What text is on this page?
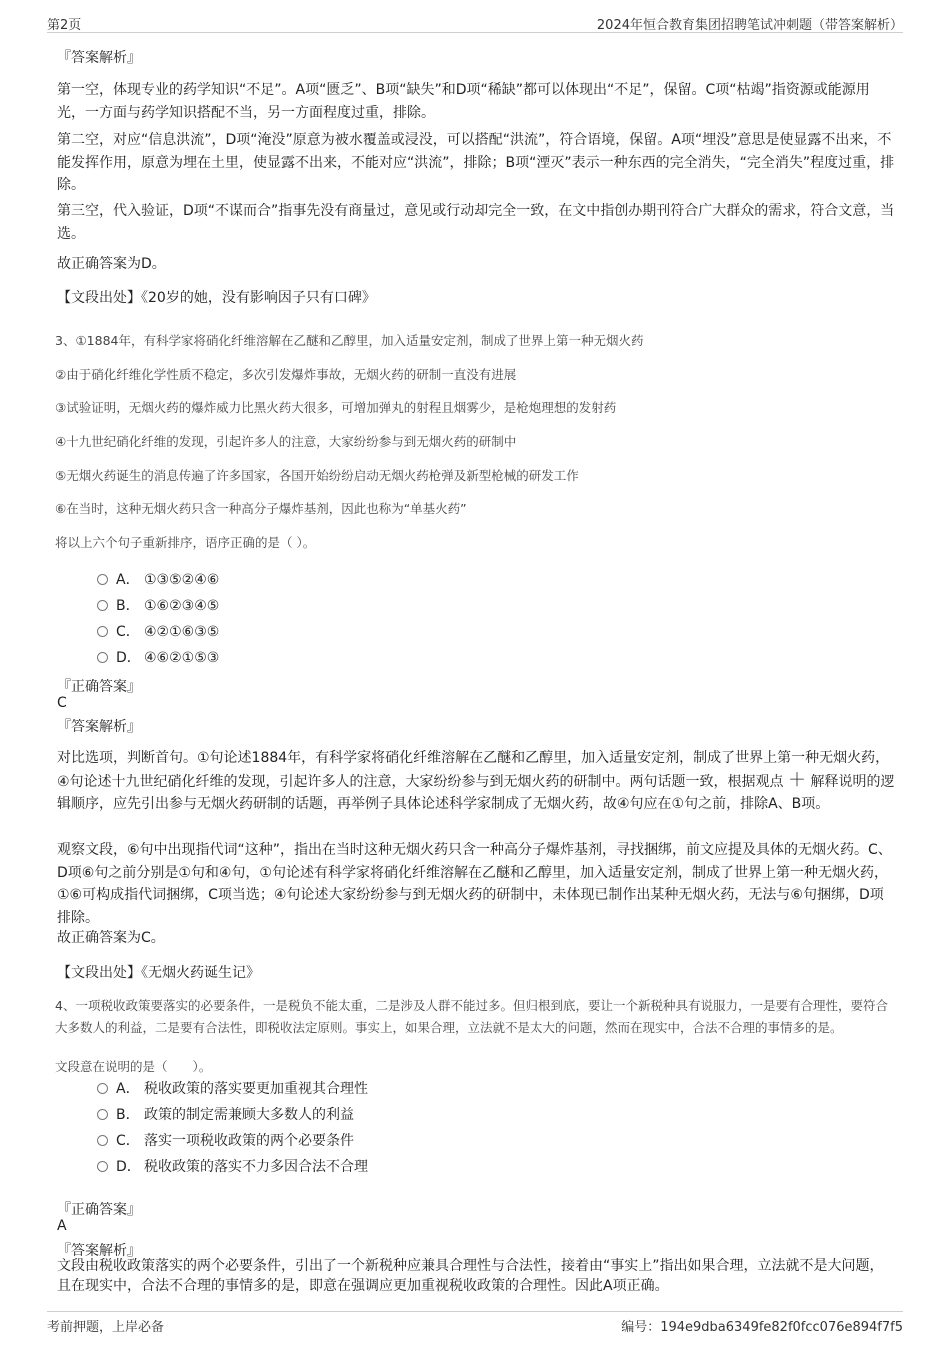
第2页	2024年恒合教育集团招聘笔试冲刺题（带答案解析）
『答案解析』
第一空，体现专业的药学知识“不足”。A项“匮乏”、B项“缺失”和D项“稀缺”都可以体现出“不足”，保留。C项“枯竭”指资源或能源用光，一方面与药学知识搭配不当，另一方面程度过重，排除。
第二空，对应“信息洪流”，D项“淹没”原意为被水覆盖或浸没，可以搭配“洪流”，符合语境，保留。A项“埋没”意思是使显露不出来，不能发挥作用，原意为埋在土里，使显露不出来，不能对应“洪流”，排除；B项“湮灭”表示一种东西的完全消失，“完全消失”程度过重，排除。
第三空，代入验证，D项“不谋而合”指事先没有商量过，意见或行动却完全一致，在文中指创办期刊符合广大群众的需求，符合文意，当选。
故正确答案为D。
【文段出处】《20岁的她，没有影响因子只有口碑》
3、①1884年，有科学家将硝化纤维溶解在乙醚和乙醇里，加入适量安定剂，制成了世界上第一种无烟火药
②由于硝化纤维化学性质不稳定，多次引发爆炸事故，无烟火药的研制一直没有进展
③试验证明，无烟火药的爆炸威力比黑火药大很多，可增加弹丸的射程且烟雾少，是枪炮理想的发射药
④十九世纪硝化纤维的发现，引起许多人的注意，大家纷纷参与到无烟火药的研制中
⑤无烟火药诞生的消息传遍了许多国家，各国开始纷纷启动无烟火药枪弹及新型枪械的研发工作
⑥在当时，这种无烟火药只含一种高分子爆炸基剂，因此也称为“单基火药”
将以上六个句子重新排序，语序正确的是（ ）。
A． ①③⑤②④⑥
B． ①⑥②③④⑤
C． ④②①⑥③⑤
D． ④⑥②①⑤③
『正确答案』
C
『答案解析』
对比选项，判断首句。①句论述1884年，有科学家将硝化纤维溶解在乙醚和乙醇里，加入适量安定剂，制成了世界上第一种无烟火药，④句论述十九世纪硝化纤维的发现，引起许多人的注意，大家纷纷参与到无烟火药的研制中。两句话题一致，根据观点 ＋ 解释说明的逻辑顺序，应先引出参与无烟火药研制的话题，再举例子具体论述科学家制成了无烟火药，故④句应在①句之前，排除A、B项。
观察文段，⑥句中出现指代词“这种”，指出在当时这种无烟火药只含一种高分子爆炸基剂，寻找捆绑，前文应提及具体的无烟火药。C、D项⑥句之前分别是①句和④句，①句论述有科学家将硝化纤维溶解在乙醚和乙醇里，加入适量安定剂，制成了世界上第一种无烟火药，①⑥可构成指代词捆绑，C项当选；④句论述大家纷纷参与到无烟火药的研制中，未体现已制作出某种无烟火药，无法与⑥句捆绑，D项排除。
故正确答案为C。
【文段出处】《无烟火药诞生记》
4、一项税收政策要落实的必要条件，一是税负不能太重，二是涉及人群不能过多。但归根到底，要让一个新税种具有说服力，一是要有合理性，要符合大多数人的利益，二是要有合法性，即税收法定原则。事实上，如果合理，立法就不是太大的问题，然而在现实中，合法不合理的事情多的是。
文段意在说明的是（　　）。
A． 税收政策的落实要更加重视其合理性
B． 政策的制定需兼顾大多数人的利益
C． 落实一项税收政策的两个必要条件
D． 税收政策的落实不力多因合法不合理
『正确答案』
A
『答案解析』
文段由税收政策落实的两个必要条件，引出了一个新税种应兼具合理性与合法性，接着由“事实上”指出如果合理，立法就不是大问题，且在现实中，合法不合理的事情多的是，即意在强调应更加重视税收政策的合理性。因此A项正确。
考前押题，上岸必备	编号：194e9dba6349fe82f0fcc076e894f7f5
